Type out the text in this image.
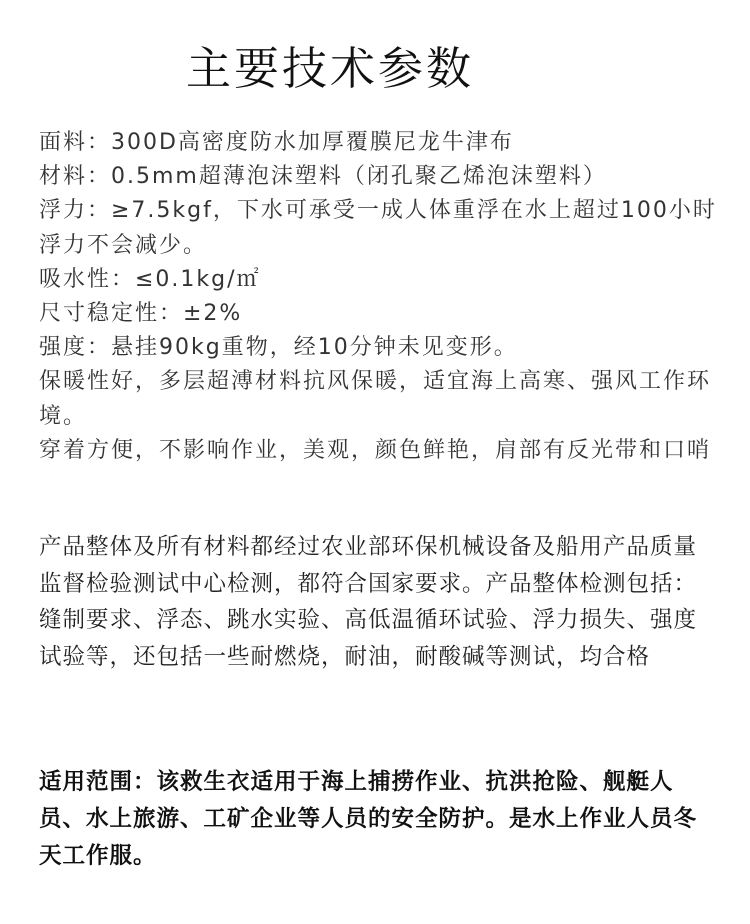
主要技术参数

面料：300D高密度防水加厚覆膜尼龙牛津布

材料：0.5mm超薄泡沫塑料（闭孔聚乙烯泡沫塑料）

浮力：≥7.5kgf，下水可承受一成人体重浮在水上超过100小时浮力不会减少。

吸水性：≤0.1kg/㎡

尺寸稳定性：±2%

强度：悬挂90kg重物，经10分钟未见变形。

保暖性好，多层超溥材料抗风保暖，适宜海上高寒、强风工作环境。

穿着方便，不影响作业，美观，颜色鲜艳，肩部有反光带和口哨

产品整体及所有材料都经过农业部环保机械设备及船用产品质量监督检验测试中心检测，都符合国家要求。产品整体检测包括：缝制要求、浮态、跳水实验、高低温循环试验、浮力损失、强度试验等，还包括一些耐燃烧，耐油，耐酸碱等测试，均合格

适用范围：该救生衣适用于海上捕捞作业、抗洪抢险、舰艇人员、水上旅游、工矿企业等人员的安全防护。是水上作业人员冬天工作服。
